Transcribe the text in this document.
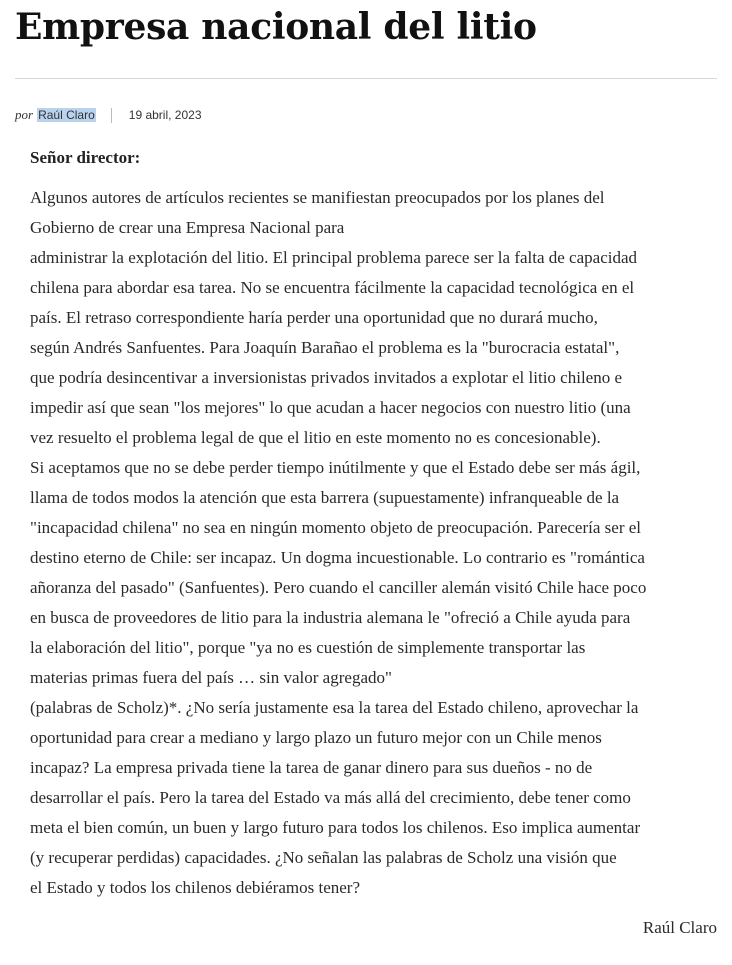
Empresa nacional del litio
por Raúl Claro	19 abril, 2023

Señor director:

Algunos autores de artículos recientes se manifiestan preocupados por los planes del
Gobierno de crear una Empresa Nacional para
administrar la explotación del litio. El principal problema parece ser la falta de capacidad
chilena para abordar esa tarea. No se encuentra fácilmente la capacidad tecnológica en el
país. El retraso correspondiente haría perder una oportunidad que no durará mucho,
según Andrés Sanfuentes. Para Joaquín Barañao el problema es la "burocracia estatal",
que podría desincentivar a inversionistas privados invitados a explotar el litio chileno e
impedir así que sean "los mejores" lo que acudan a hacer negocios con nuestro litio (una
vez resuelto el problema legal de que el litio en este momento no es concesionable).
Si aceptamos que no se debe perder tiempo inútilmente y que el Estado debe ser más ágil,
llama de todos modos la atención que esta barrera (supuestamente) infranqueable de la
"incapacidad chilena" no sea en ningún momento objeto de preocupación. Parecería ser el
destino eterno de Chile: ser incapaz. Un dogma incuestionable. Lo contrario es "romántica
añoranza del pasado" (Sanfuentes). Pero cuando el canciller alemán visitó Chile hace poco
en busca de proveedores de litio para la industria alemana le "ofreció a Chile ayuda para
la elaboración del litio", porque "ya no es cuestión de simplemente transportar las
materias primas fuera del país … sin valor agregado"
(palabras de Scholz)*. ¿No sería justamente esa la tarea del Estado chileno, aprovechar la
oportunidad para crear a mediano y largo plazo un futuro mejor con un Chile menos
incapaz? La empresa privada tiene la tarea de ganar dinero para sus dueños - no de
desarrollar el país. Pero la tarea del Estado va más allá del crecimiento, debe tener como
meta el bien común, un buen y largo futuro para todos los chilenos. Eso implica aumentar
(y recuperar perdidas) capacidades. ¿No señalan las palabras de Scholz una visión que
el Estado y todos los chilenos debiéramos tener?
Raúl Claro
